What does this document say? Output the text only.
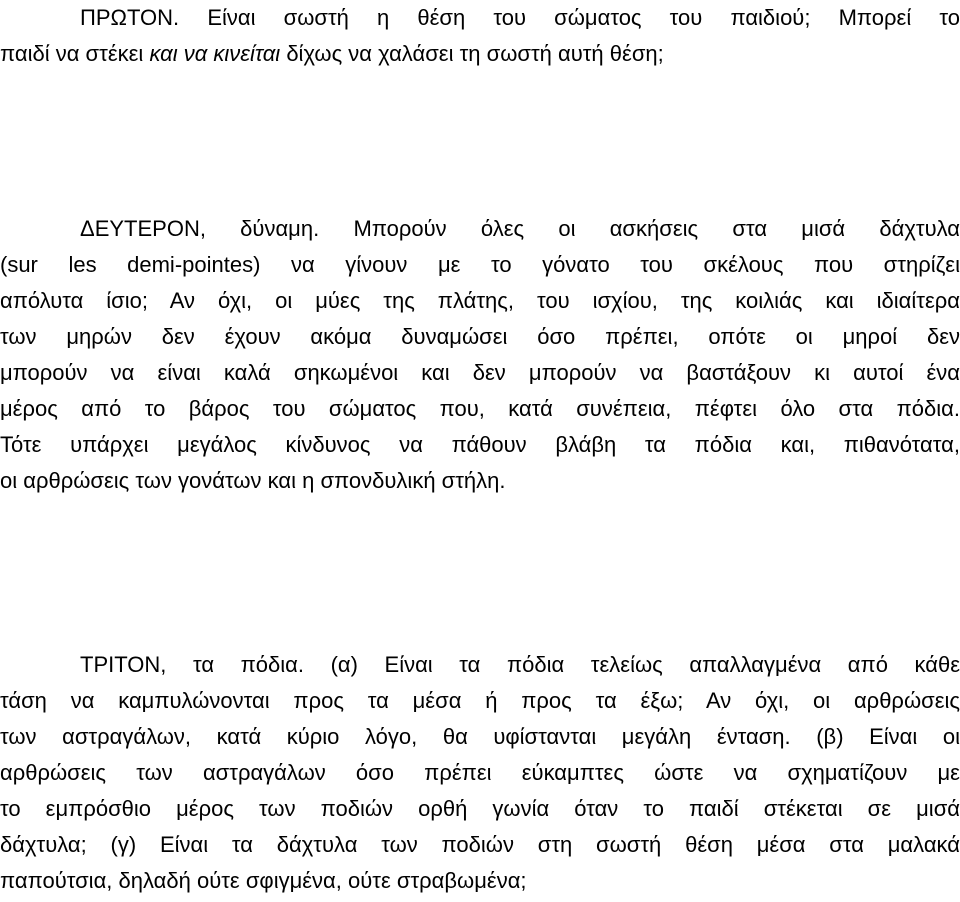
ΠΡΩΤΟΝ. Είναι σωστή η θέση του σώματος του παιδιού; Μπορεί το
παιδί να στέκει και να κινείται δίχως να χαλάσει τη σωστή αυτή θέση;
ΔΕΥΤΕΡΟΝ, δύναμη. Μπορούν όλες οι ασκήσεις στα μισά δάχτυλα
(sur les demi-pointes) να γίνουν με το γόνατο του σκέλους που στηρίζει
απόλυτα ίσιο; Αν όχι, οι μύες της πλάτης, του ισχίου, της κοιλιάς και ιδιαίτερα
των μηρών δεν έχουν ακόμα δυναμώσει όσο πρέπει, οπότε οι μηροί δεν
μπορούν να είναι καλά σηκωμένοι και δεν μπορούν να βαστάξουν κι αυτοί ένα
μέρος από το βάρος του σώματος που, κατά συνέπεια, πέφτει όλο στα πόδια.
Τότε υπάρχει μεγάλος κίνδυνος να πάθουν βλάβη τα πόδια και, πιθανότατα,
οι αρθρώσεις των γονάτων και η σπονδυλική στήλη.
ΤΡΙΤΟΝ, τα πόδια. (α) Είναι τα πόδια τελείως απαλλαγμένα από κάθε
τάση να καμπυλώνονται προς τα μέσα ή προς τα έξω; Αν όχι, οι αρθρώσεις
των αστραγάλων, κατά κύριο λόγο, θα υφίστανται μεγάλη ένταση. (β) Είναι οι
αρθρώσεις των αστραγάλων όσο πρέπει εύκαμπτες ώστε να σχηματίζουν με
το εμπρόσθιο μέρος των ποδιών ορθή γωνία όταν το παιδί στέκεται σε μισά
δάχτυλα; (γ) Είναι τα δάχτυλα των ποδιών στη σωστή θέση μέσα στα μαλακά
παπούτσια, δηλαδή ούτε σφιγμένα, ούτε στραβωμένα;
